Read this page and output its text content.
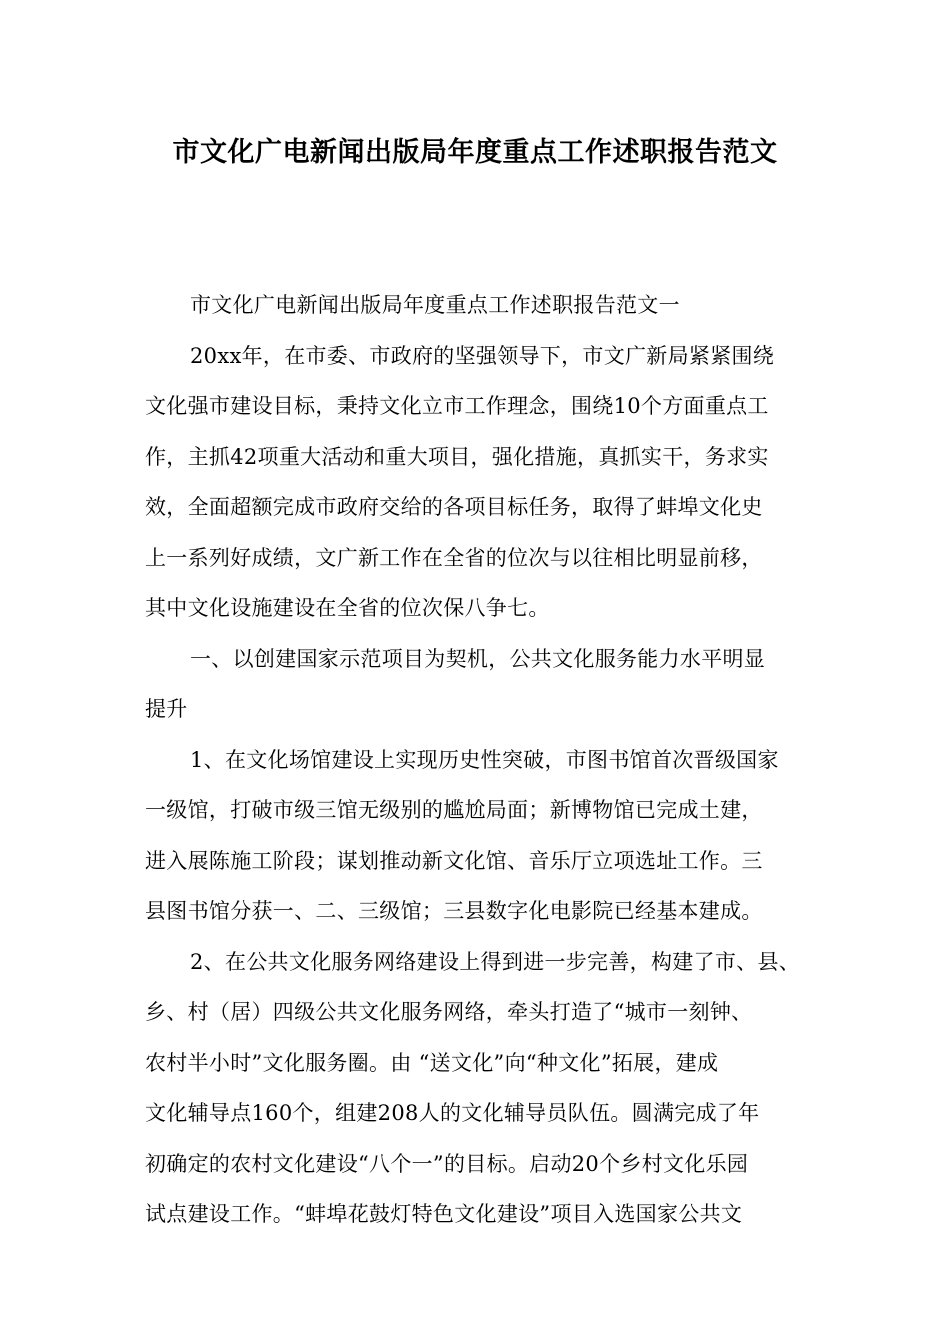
市文化广电新闻出版局年度重点工作述职报告范文
市文化广电新闻出版局年度重点工作述职报告范文一
20xx年，在市委、市政府的坚强领导下，市文广新局紧紧围绕
文化强市建设目标，秉持文化立市工作理念，围绕10个方面重点工
作，主抓42项重大活动和重大项目，强化措施，真抓实干，务求实
效，全面超额完成市政府交给的各项目标任务，取得了蚌埠文化史
上一系列好成绩，文广新工作在全省的位次与以往相比明显前移，
其中文化设施建设在全省的位次保八争七。
一、以创建国家示范项目为契机，公共文化服务能力水平明显
提升
1、在文化场馆建设上实现历史性突破，市图书馆首次晋级国家
一级馆，打破市级三馆无级别的尴尬局面；新博物馆已完成土建，
进入展陈施工阶段；谋划推动新文化馆、音乐厅立项选址工作。三
县图书馆分获一、二、三级馆；三县数字化电影院已经基本建成。
2、在公共文化服务网络建设上得到进一步完善，构建了市、县、
乡、村（居）四级公共文化服务网络，牵头打造了“城市一刻钟、
农村半小时”文化服务圈。由 “送文化”向“种文化”拓展，建成
文化辅导点160个，组建208人的文化辅导员队伍。圆满完成了年
初确定的农村文化建设“八个一”的目标。启动20个乡村文化乐园
试点建设工作。“蚌埠花鼓灯特色文化建设”项目入选国家公共文
